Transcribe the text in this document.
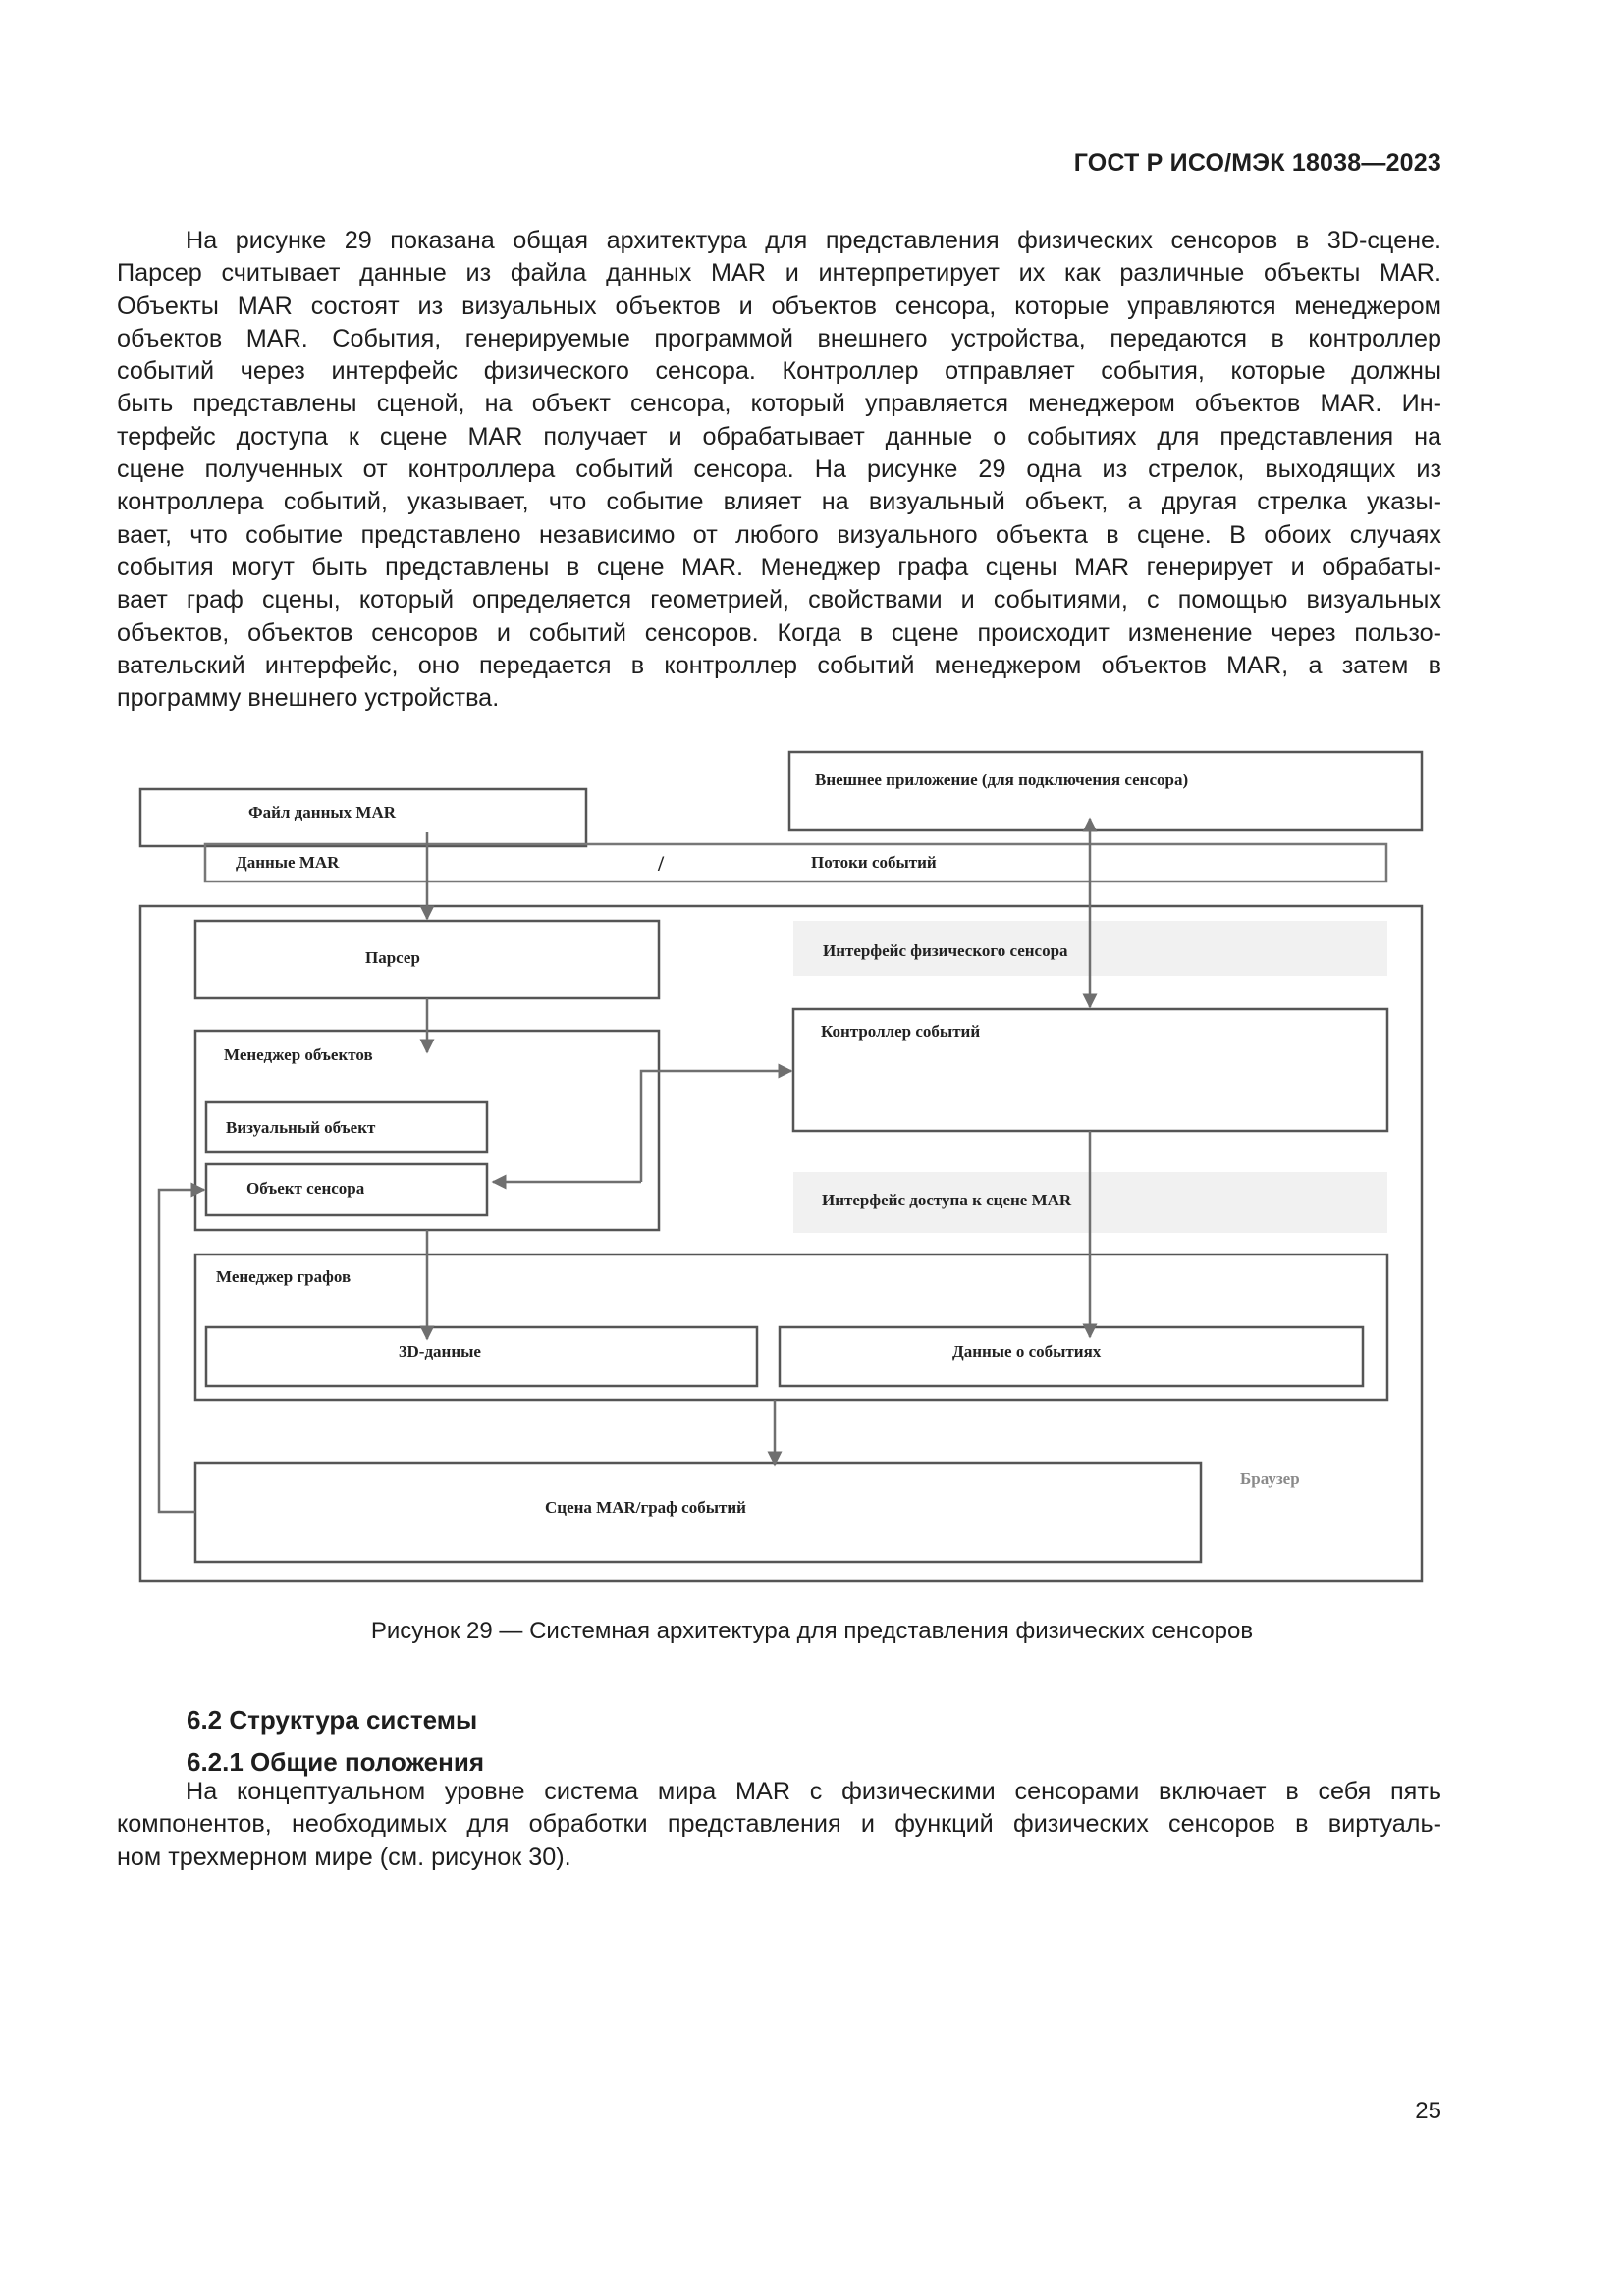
ГОСТ Р ИСО/МЭК 18038—2023
На рисунке 29 показана общая архитектура для представления физических сенсоров в 3D-сцене.
Парсер считывает данные из файла данных MAR и интерпретирует их как различные объекты MAR.
Объекты MAR состоят из визуальных объектов и объектов сенсора, которые управляются менеджером
объектов MAR. События, генерируемые программой внешнего устройства, передаются в контроллер
событий через интерфейс физического сенсора. Контроллер отправляет события, которые должны
быть представлены сценой, на объект сенсора, который управляется менеджером объектов MAR. Ин-
терфейс доступа к сцене MAR получает и обрабатывает данные о событиях для представления на
сцене полученных от контроллера событий сенсора. На рисунке 29 одна из стрелок, выходящих из
контроллера событий, указывает, что событие влияет на визуальный объект, а другая стрелка указы-
вает, что событие представлено независимо от любого визуального объекта в сцене. В обоих случаях
события могут быть представлены в сцене MAR. Менеджер графа сцены MAR генерирует и обрабаты-
вает граф сцены, который определяется геометрией, свойствами и событиями, с помощью визуальных
объектов, объектов сенсоров и событий сенсоров. Когда в сцене происходит изменение через пользо-
вательский интерфейс, оно передается в контроллер событий менеджером объектов MAR, а затем в
программу внешнего устройства.
Внешнее приложение (для подключения сенсора)
Файл данных MAR
Данные MAR	/	Потоки событий
Парсер	Интерфейс физического сенсора
Менеджер объектов
Контроллер событий
Визуальный объект
Объект сенсора
Интерфейс доступа к сцене MAR
Менеджер графов
3D-данные	Данные о событиях
Браузер
Сцена MAR/граф событий
Рисунок 29 — Системная архитектура для представления физических сенсоров
6.2 Структура системы
6.2.1 Общие положения
На концептуальном уровне система мира MAR с физическими сенсорами включает в себя пять
компонентов, необходимых для обработки представления и функций физических сенсоров в виртуаль-
ном трехмерном мире (см. рисунок 30).
25
